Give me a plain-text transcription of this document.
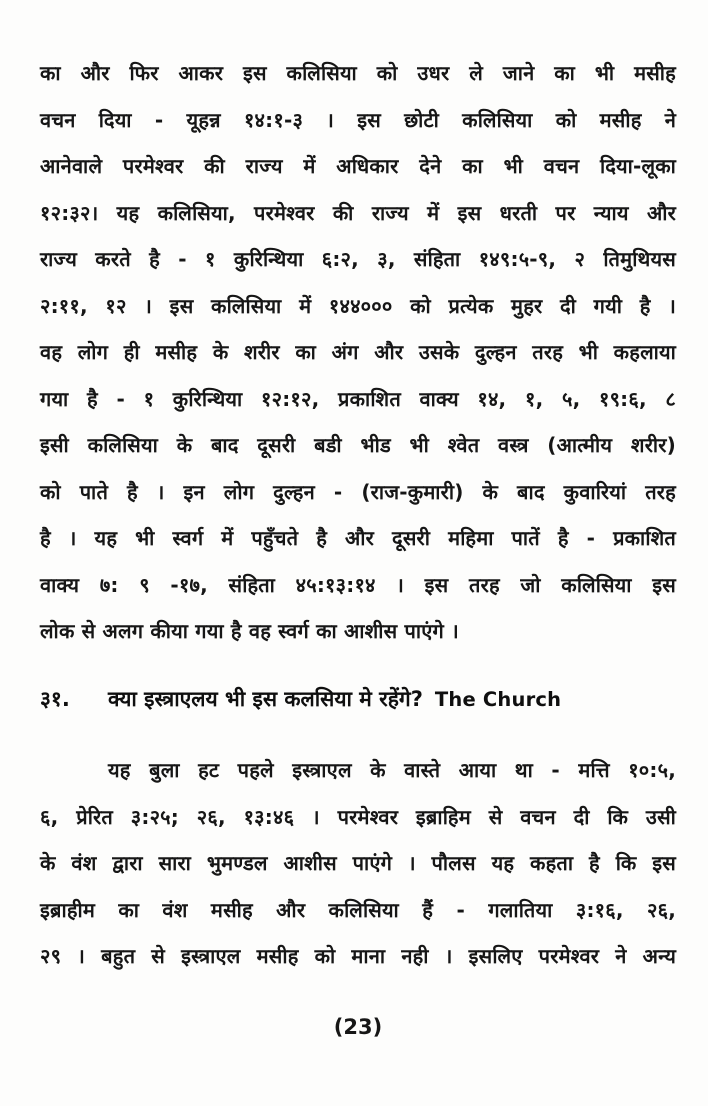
का और फिर आकर इस कलिसिया को उधर ले जाने का भी मसीह
वचन दिया - यूहन्न १४:१-३ । इस छोटी कलिसिया को मसीह ने
आनेवाले परमेश्वर की राज्य में अधिकार देने का भी वचन दिया-लूका
१२:३२। यह कलिसिया, परमेश्वर की राज्य में इस धरती पर न्याय और
राज्य करते है - १ कुरिन्थिया ६:२, ३, संहिता १४९:५-९, २ तिमुथियस
२:११, १२ । इस कलिसिया में १४४००० को प्रत्येक मुहर दी गयी है ।
वह लोग ही मसीह के शरीर का अंग और उसके दुल्हन तरह भी कहलाया
गया है - १ कुरिन्थिया १२:१२, प्रकाशित वाक्य १४, १, ५, १९:६, ८
इसी कलिसिया के बाद दूसरी बडी भीड भी श्वेत वस्त्र (आत्मीय शरीर)
को पाते है । इन लोग दुल्हन - (राज-कुमारी) के बाद कुवारियां तरह
है । यह भी स्वर्ग में पहुँचते है और दूसरी महिमा पातें है - प्रकाशित
वाक्य ७: ९ -१७, संहिता ४५:१३:१४ । इस तरह जो कलिसिया इस
लोक से अलग कीया गया है वह स्वर्ग का आशीस पाएंगे ।
३१.	क्या इस्त्राएलय भी इस कलसिया मे रहेंगे? The Church
यह बुला हट पहले इस्त्राएल के वास्ते आया था - मत्ति १०:५,
६, प्रेरित ३:२५; २६, १३:४६ । परमेश्वर इब्राहिम से वचन दी कि उसी
के वंश द्वारा सारा भुमण्डल आशीस पाएंगे । पौलस यह कहता है कि इस
इब्राहीम का वंश मसीह और कलिसिया हैं - गलातिया ३:१६, २६,
२९ । बहुत से इस्त्राएल मसीह को माना नही । इसलिए परमेश्वर ने अन्य
(23)
